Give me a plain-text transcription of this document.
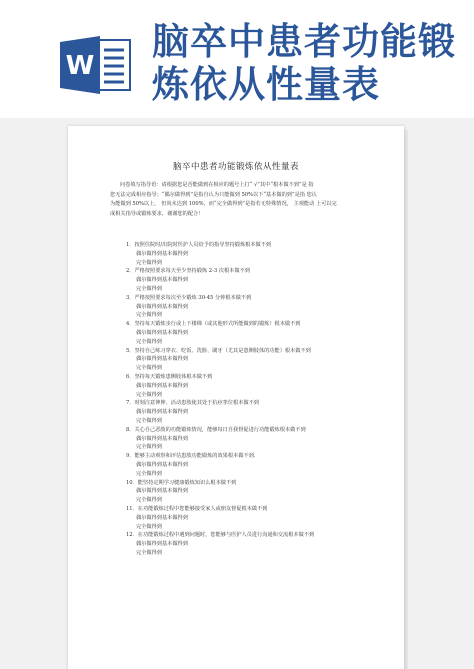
W
脑卒中患者功能锻
炼依从性量表
脑卒中患者功能锻炼依从性量表
问卷填写指导语：请根据您是否能做到在相应的题号上打“ √”其中“根本做不到”是 指
您无法完成相应指导；“偶尔做得到”是指自认为只能做到 50%以下“基本做的到”是指 您认
为能做到 50%以上， 但尚未达到 100%，而“完全做得到”是指若无特殊情况， 主观能动 上可以完
成相关指导或锻炼要求，谢谢您的配合！
1．按照住院时/出院时医护人员给予的指导坚持锻炼根本做不到
偶尔做得到基本做得到
完全做得到
2．严格按照要求每天至少坚持锻炼 2-3 次根本做不到
偶尔做得到基本做得到
完全做得到
3．严格按照要求每次至少锻炼 30-45 分钟根本做不到
偶尔做得到基本做得到
完全做得到
4．坚持每天锻炼步行或上下楼梯（或其他形式所能做到的锻炼）根本做不到
偶尔做得到基本做得到
完全做得到
5．坚持自己练习穿衣、吃饭、洗脸、刷牙（尤其是患侧肢体的功能）根本做不到
偶尔做得到基本做得到
完全做得到
6．坚持每天锻炼患侧肢体根本做不到
偶尔做得到基本做得到
完全做得到
7．时刻注意伸伸、活动患肢使其处于抗痉挛位根本做不到
偶尔做得到基本做得到
完全做得到
8．关心自己恶肢的功能锻炼情况，能够每日自我督促进行功能锻炼根本做不到
偶尔做得到基本做得到
完全做得到
9．能够主动观察和评估患肢功能锻炼的效果根本做不到.
偶尔做得到基本做得到
完全做得到
10．能坚持定期学习健康锻炼知识么根本做不到
偶尔做得到基本做得到
完全做得到
11．在功能锻炼过程中您能够接受家人或朋友督促根本做不到
偶尔做得到基本做得到
完全做得到
12．在功能锻炼过程中遇到问题时，您能够与医护人员进行沟通和交流根本做不到
偶尔做得到基本做得到
完全做得到
